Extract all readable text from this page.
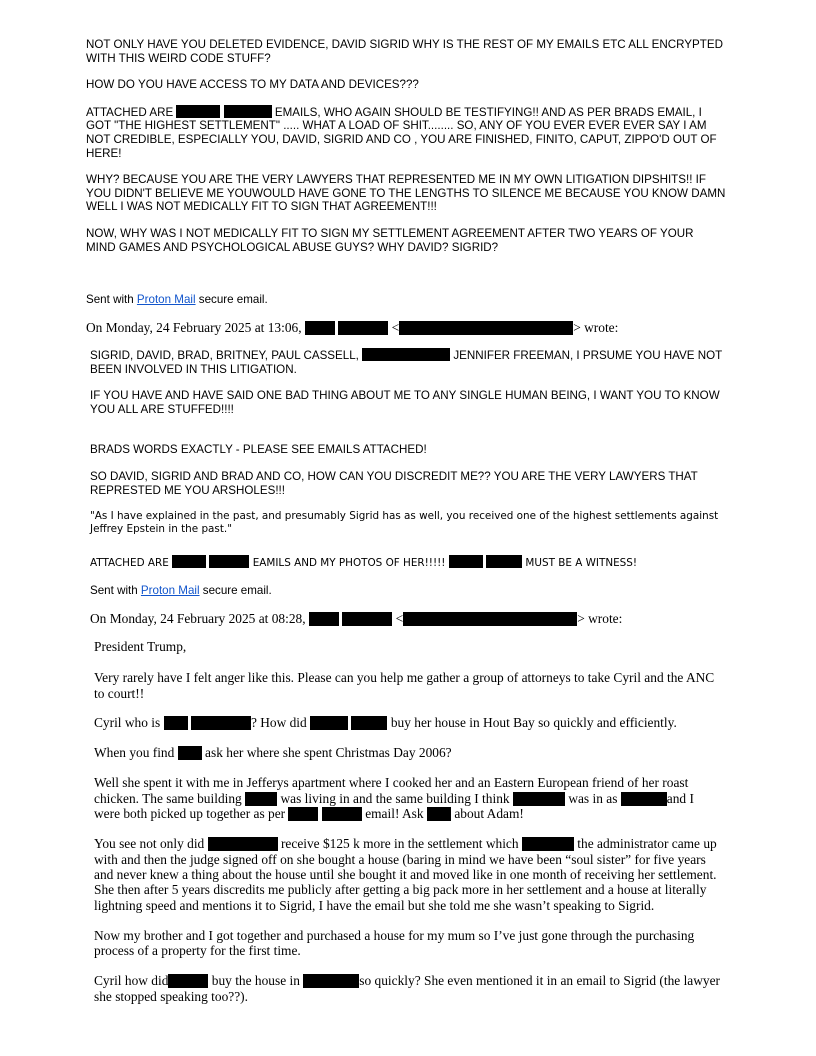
NOT ONLY HAVE YOU DELETED EVIDENCE, DAVID SIGRID WHY IS THE REST OF MY EMAILS ETC ALL ENCRYPTED WITH THIS WEIRD CODE STUFF?

HOW DO YOU HAVE ACCESS TO MY DATA AND DEVICES???

ATTACHED ARE	EMAILS, WHO AGAIN SHOULD BE TESTIFYING!! AND AS PER BRADS EMAIL, I GOT "THE HIGHEST SETTLEMENT" ..... WHAT A LOAD OF SHIT........ SO, ANY OF YOU EVER EVER EVER SAY I AM NOT CREDIBLE, ESPECIALLY YOU, DAVID, SIGRID AND CO , YOU ARE FINISHED, FINITO, CAPUT, ZIPPO'D OUT OF HERE!

WHY? BECAUSE YOU ARE THE VERY LAWYERS THAT REPRESENTED ME IN MY OWN LITIGATION DIPSHITS!! IF YOU DIDN'T BELIEVE ME YOUWOULD HAVE GONE TO THE LENGTHS TO SILENCE ME BECAUSE YOU KNOW DAMN WELL I WAS NOT MEDICALLY FIT TO SIGN THAT AGREEMENT!!!

NOW, WHY WAS I NOT MEDICALLY FIT TO SIGN MY SETTLEMENT AGREEMENT AFTER TWO YEARS OF YOUR MIND GAMES AND PSYCHOLOGICAL ABUSE GUYS? WHY DAVID? SIGRID?

Sent with Proton Mail secure email.
On Monday, 24 February 2025 at 13:06,	<	> wrote:

SIGRID, DAVID, BRAD, BRITNEY, PAUL CASSELL,	JENNIFER FREEMAN, I PRSUME YOU HAVE NOT BEEN INVOLVED IN THIS LITIGATION.

IF YOU HAVE AND HAVE SAID ONE BAD THING ABOUT ME TO ANY SINGLE HUMAN BEING, I WANT YOU TO KNOW YOU ALL ARE STUFFED!!!!

BRADS WORDS EXACTLY - PLEASE SEE EMAILS ATTACHED!

SO DAVID, SIGRID AND BRAD AND CO, HOW CAN YOU DISCREDIT ME?? YOU ARE THE VERY LAWYERS THAT REPRESTED ME YOU ARSHOLES!!!

"As I have explained in the past, and presumably Sigrid has as well, you received one of the highest settlements against Jeffrey Epstein in the past."
ATTACHED ARE	EAMILS AND MY PHOTOS OF HER!!!!!	MUST BE A WITNESS!
Sent with Proton Mail secure email.
On Monday, 24 February 2025 at 08:28,	<	> wrote:

President Trump,

Very rarely have I felt anger like this. Please can you help me gather a group of attorneys to take Cyril and the ANC to court!!

Cyril who is	? How did	buy her house in Hout Bay so quickly and efficiently.

When you find ask her where she spent Christmas Day 2006?

Well she spent it with me in Jefferys apartment where I cooked her and an Eastern European friend of her roast chicken. The same building	was living in and the same building I think	was in as	and I were both picked up together as per	email! Ask about Adam!

You see not only did	receive $125 k more in the settlement which	the administrator came up with and then the judge signed off on she bought a house (baring in mind we have been “soul sister” for five years and never knew a thing about the house until she bought it and moved like in one month of receiving her settlement. She then after 5 years discredits me publicly after getting a big pack more in her settlement and a house at literally lightning speed and mentions it to Sigrid, I have the email but she told me she wasn’t speaking to Sigrid.

Now my brother and I got together and purchased a house for my mum so I’ve just gone through the purchasing process of a property for the first time.

Cyril how did	buy the house in	so quickly? She even mentioned it in an email to Sigrid (the lawyer she stopped speaking too??).
